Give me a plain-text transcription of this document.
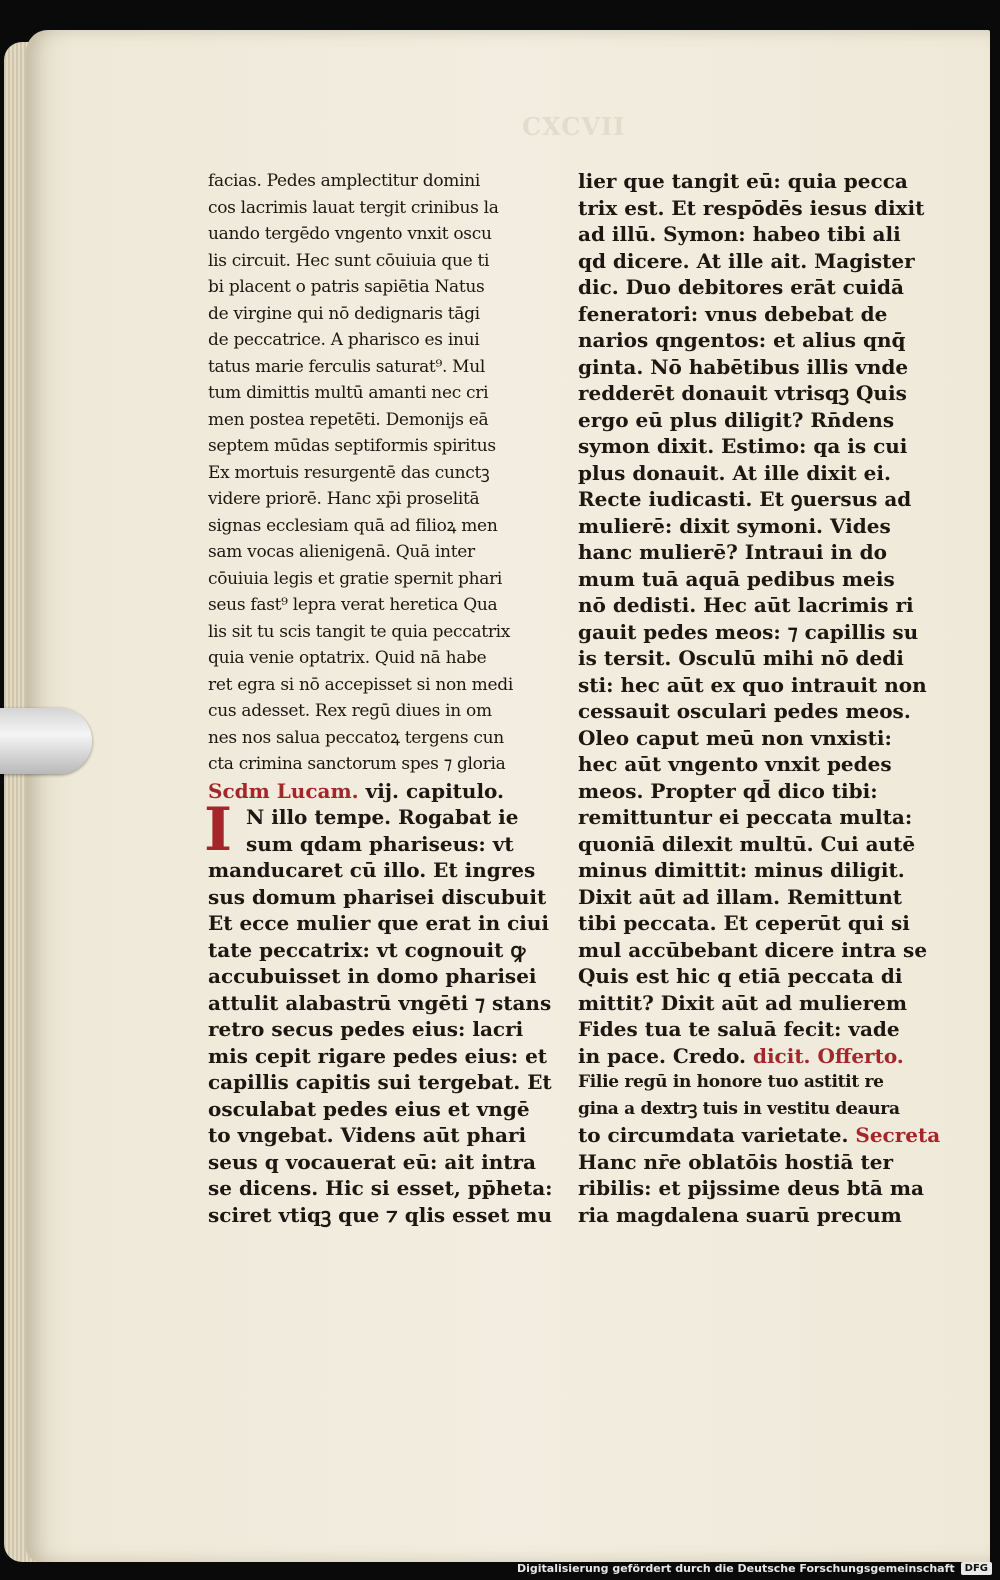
CXCVII
facias. Pedes amplectitur domini
cos lacrimis lauat tergit crinibus la
uando tergēdo vngento vnxit oscu
lis circuit. Hec sunt cōuiuia que ti
bi placent o patris sapiētia Natus
de virgine qui nō dedignaris tāgi
de peccatrice. A pharisco es inui
tatus marie ferculis saturat⁹. Mul
tum dimittis multū amanti nec cri
men postea repetēti. Demonijs eā
septem mūdas septiformis spiritus
Ex mortuis resurgentē das cunctꝫ
videre priorē. Hanc xp̄i proselitā
signas ecclesiam quā ad filioꝝ men
sam vocas alienigenā. Quā inter
cōuiuia legis et gratie spernit phari
seus fast⁹ lepra verat heretica Qua
lis sit tu scis tangit te quia peccatrix
quia venie optatrix. Quid nā habe
ret egra si nō accepisset si non medi
cus adesset. Rex regū diues in om
nes nos salua peccatoꝝ tergens cun
cta crimina sanctorum spes ⁊ gloria
Scdm Lucam. vij. capitulo.
I N illo tempe. Rogabat ie
sum qdam phariseus: vt
manducaret cū illo. Et ingres
sus domum pharisei discubuit
Et ecce mulier que erat in ciui
tate peccatrix: vt cognouit ꝙ
accubuisset in domo pharisei
attulit alabastrū vngēti ⁊ stans
retro secus pedes eius: lacri
mis cepit rigare pedes eius: et
capillis capitis sui tergebat. Et
osculabat pedes eius et vngē
to vngebat. Videns aūt phari
seus q vocauerat eū: ait intra
se dicens. Hic si esset, pp̄heta:
sciret vtiqꝫ que ⁊ qlis esset mu
lier que tangit eū: quia pecca
trix est. Et respōdēs iesus dixit
ad illū. Symon: habeo tibi ali
qd dicere. At ille ait. Magister
dic. Duo debitores erāt cuidā
feneratori: vnus debebat de
narios qngentos: et alius qnq̄
ginta. Nō habētibus illis vnde
redderēt donauit vtrisqꝫ Quis
ergo eū plus diligit? Rn̄dens
symon dixit. Estimo: qa is cui
plus donauit. At ille dixit ei.
Recte iudicasti. Et ꝯuersus ad
mulierē: dixit symoni. Vides
hanc mulierē? Intraui in do
mum tuā aquā pedibus meis
nō dedisti. Hec aūt lacrimis ri
gauit pedes meos: ⁊ capillis su
is tersit. Osculū mihi nō dedi
sti: hec aūt ex quo intrauit non
cessauit osculari pedes meos.
Oleo caput meū non vnxisti:
hec aūt vngento vnxit pedes
meos. Propter qd̄ dico tibi:
remittuntur ei peccata multa:
quoniā dilexit multū. Cui autē
minus dimittit: minus diligit.
Dixit aūt ad illam. Remittunt
tibi peccata. Et ceperūt qui si
mul accūbebant dicere intra se
Quis est hic q etiā peccata di
mittit? Dixit aūt ad mulierem
Fides tua te saluā fecit: vade
in pace. Credo. dicit. Offerto.
Filie regū in honore tuo astitit re
gina a dextrꝫ tuis in vestitu deaura
to circumdata varietate. Secreta
Hanc nr̄e oblatōis hostiā ter
ribilis: et pijssime deus btā ma
ria magdalena suarū precum
Digitalisierung gefördert durch die Deutsche Forschungsgemeinschaft	DFG
